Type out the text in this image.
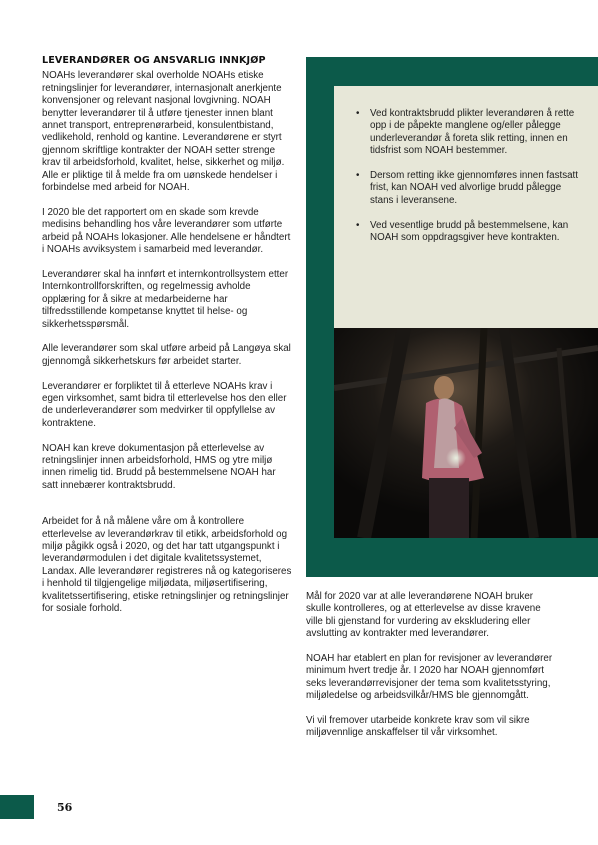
LEVERANDØRER OG ANSVARLIG INNKJØP

NOAHs leverandører skal overholde NOAHs etiske retningslinjer for leverandører, internasjonalt anerkjente konvensjoner og relevant nasjonal lovgivning. NOAH benytter leverandører til å utføre tjenester innen blant annet transport, entreprenørarbeid, konsulentbistand, vedlikehold, renhold og kantine. Leverandørene er styrt gjennom skriftlige kontrakter der NOAH setter strenge krav til arbeidsforhold, kvalitet, helse, sikkerhet og miljø. Alle er pliktige til å melde fra om uønskede hendelser i forbindelse med arbeid for NOAH.

I 2020 ble det rapportert om en skade som krevde medisins behandling hos våre leverandører som utførte arbeid på NOAHs lokasjoner. Alle hendelsene er håndtert i NOAHs avviksystem i samarbeid med leverandør.

Leverandører skal ha innført et internkontrollsystem etter Internkontrollforskriften, og regelmessig avholde opplæring for å sikre at medarbeiderne har tilfredsstillende kompetanse knyttet til helse- og sikkerhetsspørsmål.

Alle leverandører som skal utføre arbeid på Langøya skal gjennomgå sikkerhetskurs før arbeidet starter.

Leverandører er forpliktet til å etterleve NOAHs krav i egen virksomhet, samt bidra til etterlevelse hos den eller de underleverandører som medvirker til oppfyllelse av kontraktene.

NOAH kan kreve dokumentasjon på etterlevelse av retningslinjer innen arbeidsforhold, HMS og ytre miljø innen rimelig tid. Brudd på bestemmelsene NOAH har satt innebærer kontraktsbrudd.

Arbeidet for å nå målene våre om å kontrollere etterlevelse av leverandørkrav til etikk, arbeidsforhold og miljø pågikk også i 2020, og det har tatt utgangspunkt i leverandørmodulen i det digitale kvalitetssystemet, Landax. Alle leverandører registreres nå og kategoriseres i henhold til tilgjengelige miljødata, miljøsertifisering, kvalitetssertifisering, etiske retningslinjer og retningslinjer for sosiale forhold.

• Ved kontraktsbrudd plikter leverandøren å rette opp i de påpekte manglene og/eller pålegge underleverandør å foreta slik retting, innen en tidsfrist som NOAH bestemmer.
• Dersom retting ikke gjennomføres innen fastsatt frist, kan NOAH ved alvorlige brudd pålegge stans i leveransene.
• Ved vesentlige brudd på bestemmelsene, kan NOAH som oppdragsgiver heve kontrakten.

Mål for 2020 var at alle leverandørene NOAH bruker skulle kontrolleres, og at etterlevelse av disse kravene ville bli gjenstand for vurdering av ekskludering eller avslutting av kontrakter med leverandører.

NOAH har etablert en plan for revisjoner av leverandører minimum hvert tredje år. I 2020 har NOAH gjennomført seks leverandørrevisjoner der tema som kvalitetsstyring, miljøledelse og arbeidsvilkår/HMS ble gjennomgått.

Vi vil fremover utarbeide konkrete krav som vil sikre miljøvennlige anskaffelser til vår virksomhet.

56
